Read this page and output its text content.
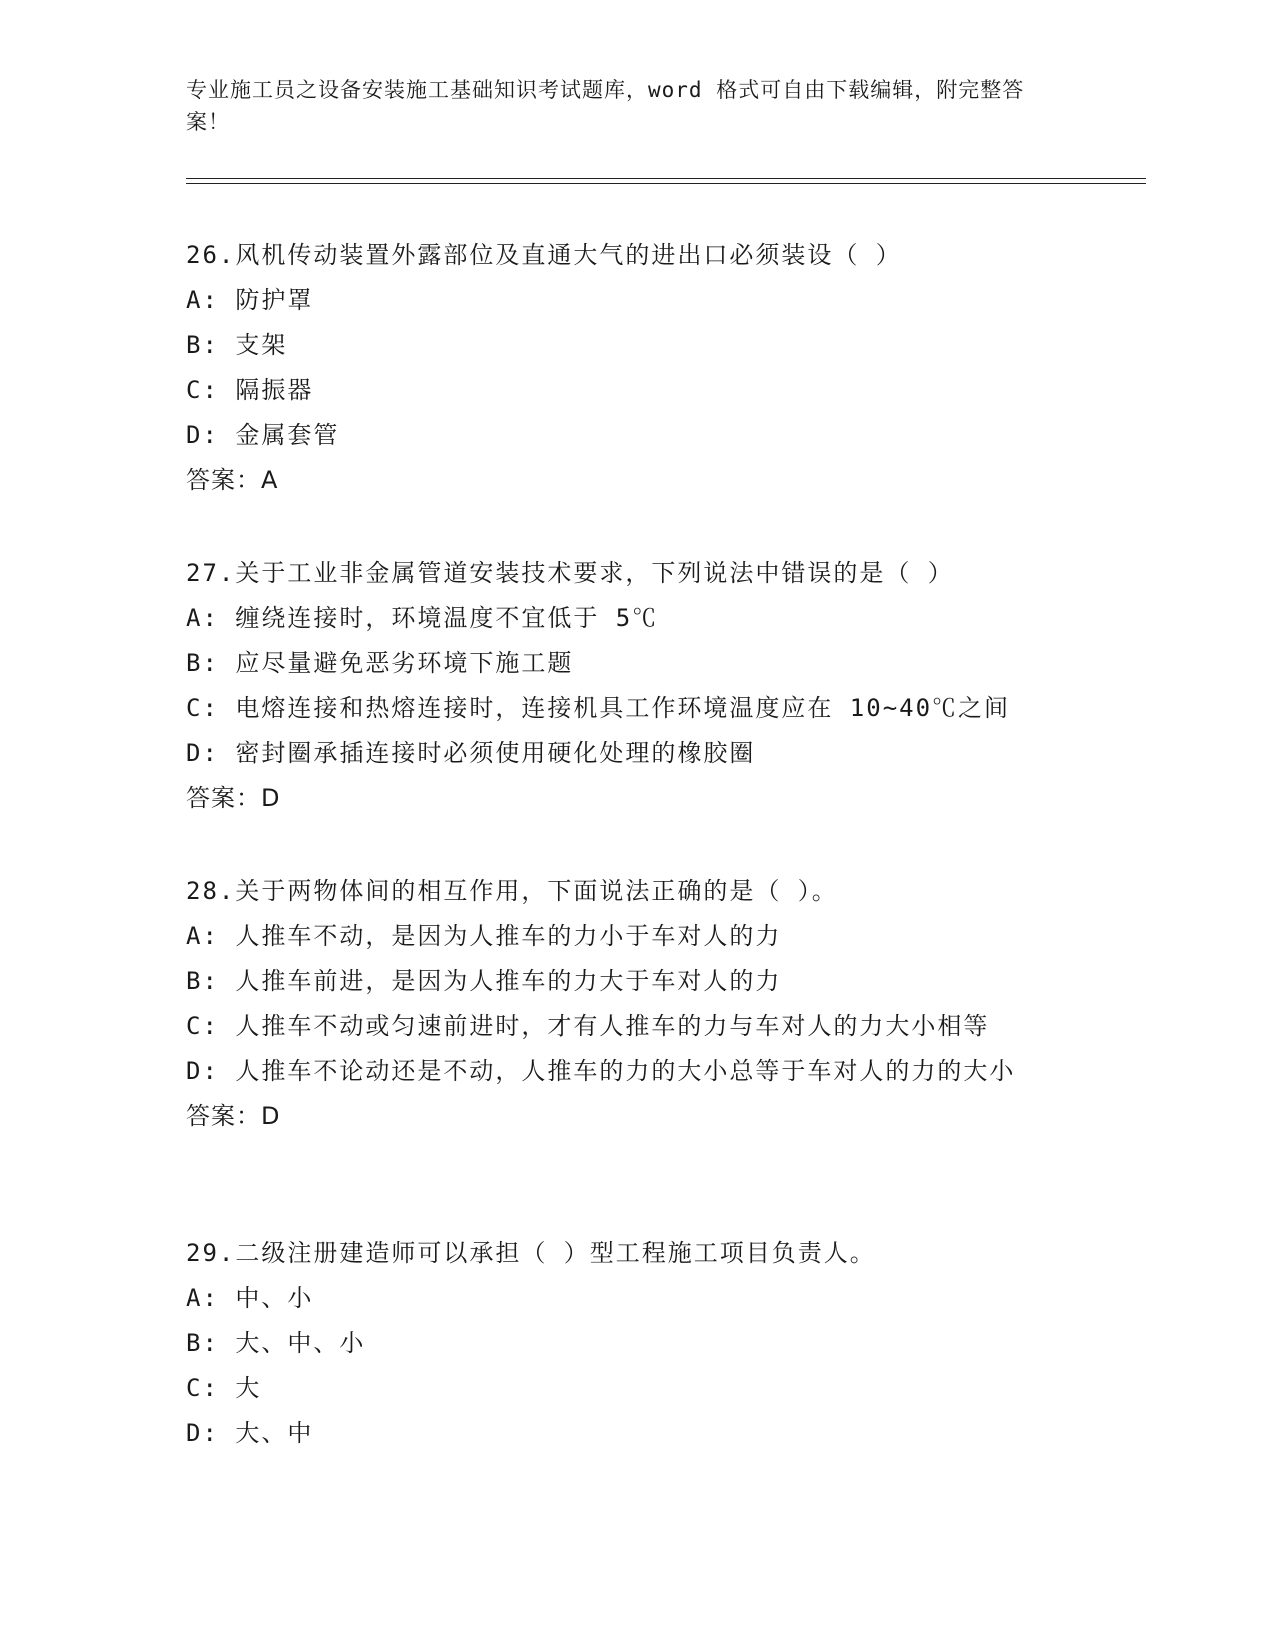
专业施工员之设备安装施工基础知识考试题库，word 格式可自由下载编辑，附完整答案！
26.风机传动装置外露部位及直通大气的进出口必须装设（ ）
A: 防护罩
B: 支架
C: 隔振器
D: 金属套管
答案：A
27.关于工业非金属管道安装技术要求，下列说法中错误的是（ ）
A: 缠绕连接时，环境温度不宜低于 5℃
B: 应尽量避免恶劣环境下施工题
C: 电熔连接和热熔连接时，连接机具工作环境温度应在 10~40℃之间
D: 密封圈承插连接时必须使用硬化处理的橡胶圈
答案：D
28.关于两物体间的相互作用，下面说法正确的是（ ）。
A: 人推车不动，是因为人推车的力小于车对人的力
B: 人推车前进，是因为人推车的力大于车对人的力
C: 人推车不动或匀速前进时，才有人推车的力与车对人的力大小相等
D: 人推车不论动还是不动，人推车的力的大小总等于车对人的力的大小
答案：D
29.二级注册建造师可以承担（ ）型工程施工项目负责人。
A: 中、小
B: 大、中、小
C: 大
D: 大、中
